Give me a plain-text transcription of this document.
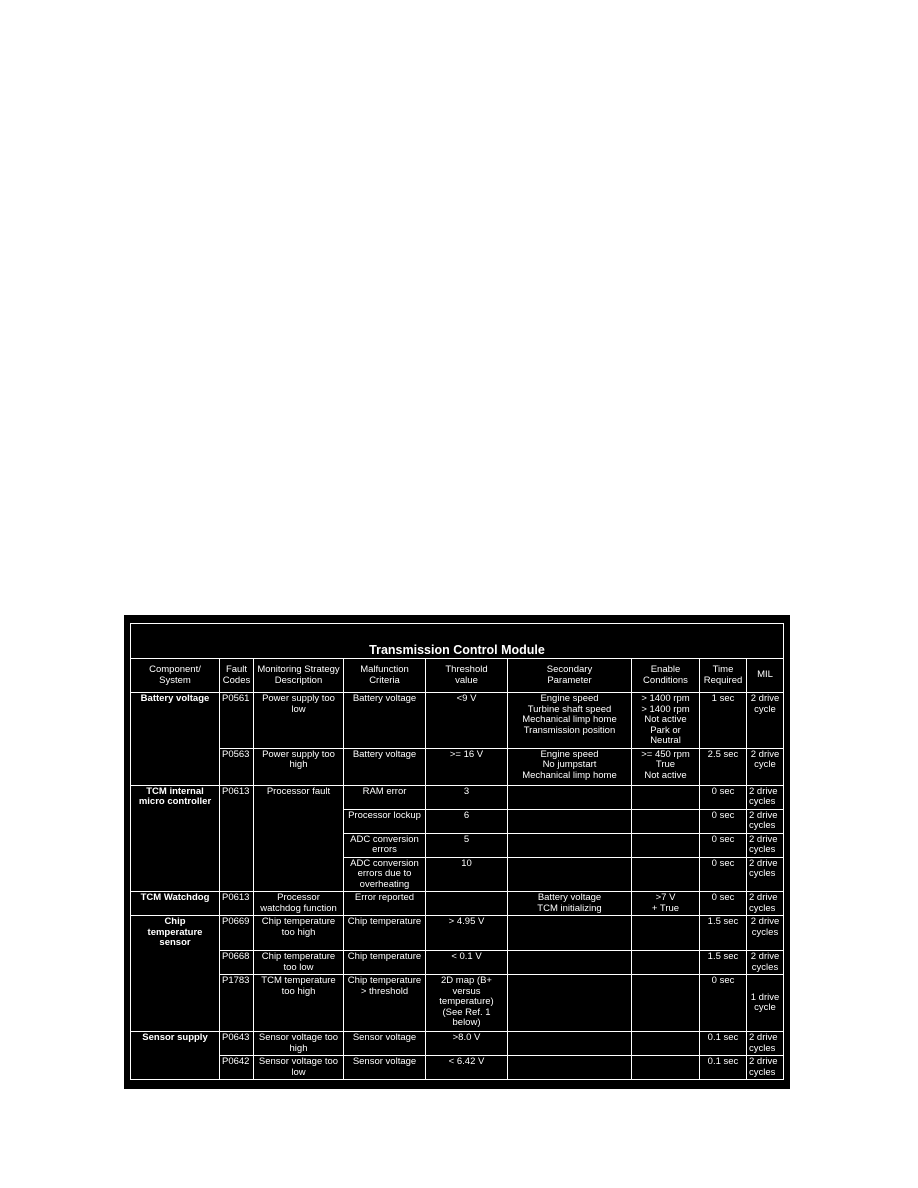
Transmission Control Module								
Component/
System	Fault
Codes	Monitoring Strategy
Description	Malfunction
Criteria	Threshold
value	Secondary
Parameter	Enable
Conditions	Time
Required	MIL
Battery voltage	P0561	Power supply too
low	Battery voltage	<9 V	Engine speed
Turbine shaft speed
Mechanical limp home
Transmission position	> 1400 rpm
> 1400 rpm
Not active
Park or Neutral	1 sec	2 drive
cycle
	P0563	Power supply too
high	Battery voltage	>= 16 V	Engine speed
No jumpstart
Mechanical limp home	>= 450 rpm
True
Not active	2.5 sec	2 drive
cycle
TCM internal
micro controller	P0613	Processor fault	RAM error	3			0 sec	2 drive
cycles
			Processor lockup	6			0 sec	2 drive
cycles
			ADC conversion
errors	5			0 sec	2 drive
cycles
			ADC conversion
errors due to
overheating	10			0 sec	2 drive
cycles
TCM Watchdog	P0613	Processor
watchdog function	Error reported		Battery voltage
TCM initializing	>7 V
+ True	0 sec	2 drive
cycles
Chip
temperature
sensor	P0669	Chip temperature
too high	Chip temperature	> 4.95 V			1.5 sec	2 drive
cycles
	P0668	Chip temperature
too low	Chip temperature	< 0.1 V			1.5 sec	2 drive
cycles
	P1783	TCM temperature
too high	Chip temperature
> threshold	2D map (B+
versus
temperature)
(See Ref. 1
below)			0 sec	1 drive
cycle
Sensor supply	P0643	Sensor voltage too
high	Sensor voltage	>8.0 V			0.1 sec	2 drive
cycles
	P0642	Sensor voltage too
low	Sensor voltage	< 6.42 V			0.1 sec	2 drive
cycles
